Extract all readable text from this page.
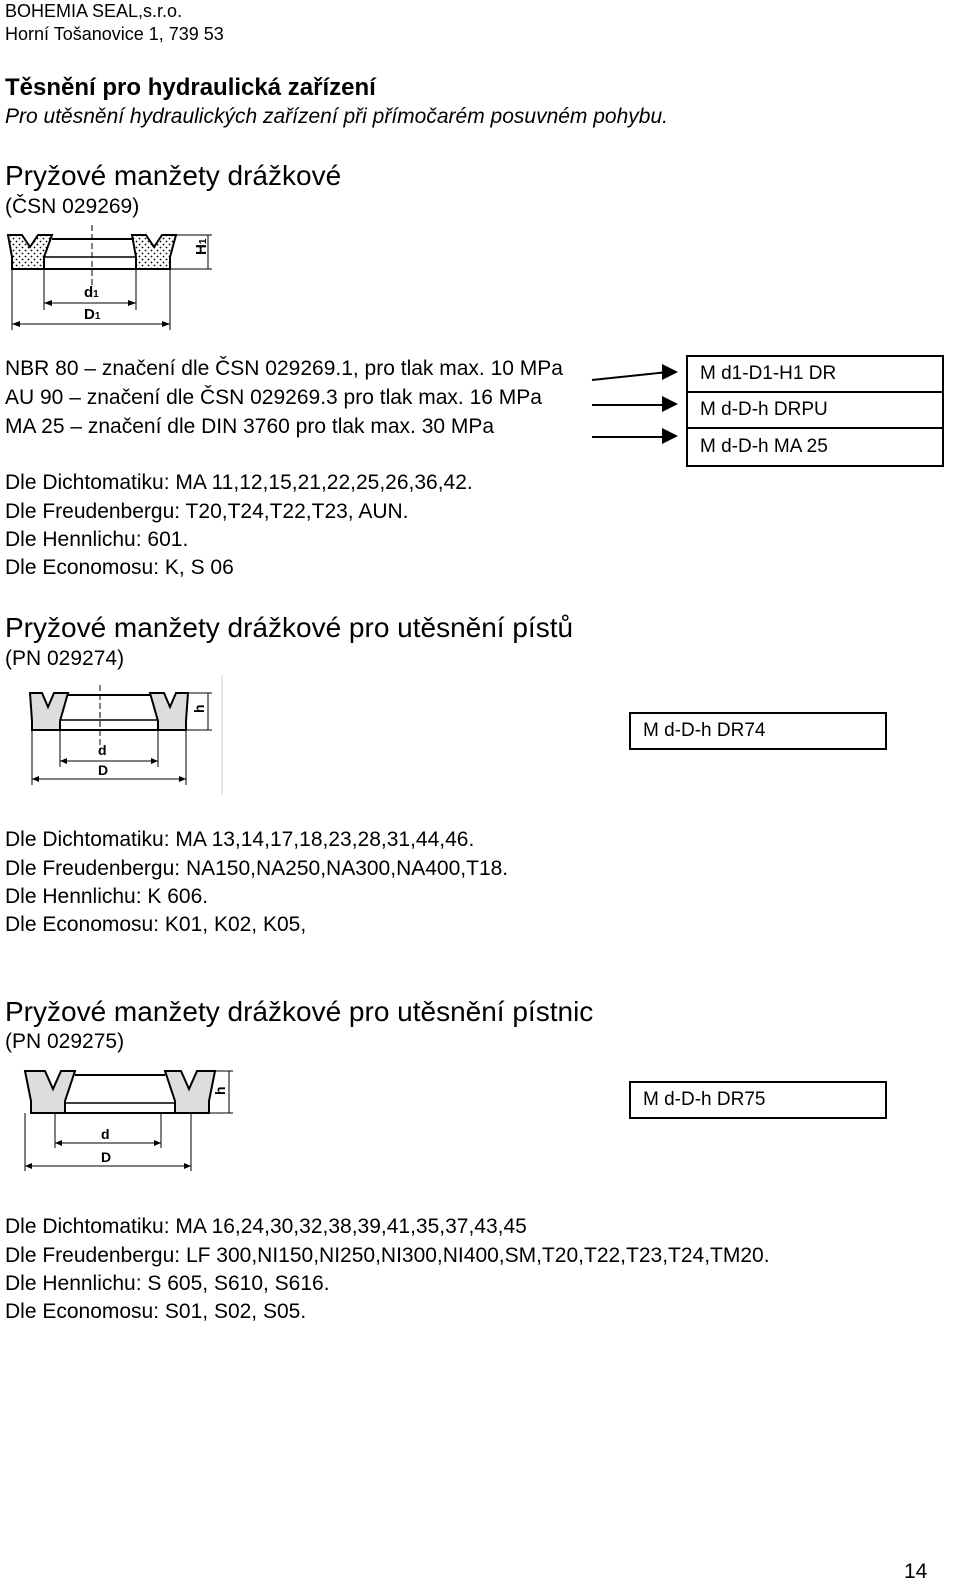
BOHEMIA SEAL,s.r.o.
Horní Tošanovice 1, 739 53
Těsnění pro hydraulická zařízení
Pro utěsnění hydraulických zařízení při přímočarém posuvném pohybu.
Pryžové manžety drážkové
(ČSN 029269)
H1
d1
D1
NBR 80 – značení dle ČSN 029269.1, pro tlak max. 10 MPa
AU 90 – značení dle ČSN 029269.3 pro tlak max. 16 MPa
MA 25 – značení dle DIN 3760 pro tlak max. 30 MPa
M d1-D1-H1 DR
M d-D-h DRPU
M d-D-h MA 25
Dle Dichtomatiku: MA 11,12,15,21,22,25,26,36,42.
Dle Freudenbergu: T20,T24,T22,T23, AUN.
Dle Hennlichu: 601.
Dle Economosu: K, S 06
Pryžové manžety drážkové pro utěsnění pístů
(PN 029274)
h
d
D
M d-D-h DR74
Dle Dichtomatiku: MA 13,14,17,18,23,28,31,44,46.
Dle Freudenbergu: NA150,NA250,NA300,NA400,T18.
Dle Hennlichu: K 606.
Dle Economosu: K01, K02, K05,
Pryžové manžety drážkové pro utěsnění pístnic
(PN 029275)
h
d
D
M d-D-h DR75
Dle Dichtomatiku: MA 16,24,30,32,38,39,41,35,37,43,45
Dle Freudenbergu: LF 300,NI150,NI250,NI300,NI400,SM,T20,T22,T23,T24,TM20.
Dle Hennlichu: S 605, S610, S616.
Dle Economosu: S01, S02, S05.
14
